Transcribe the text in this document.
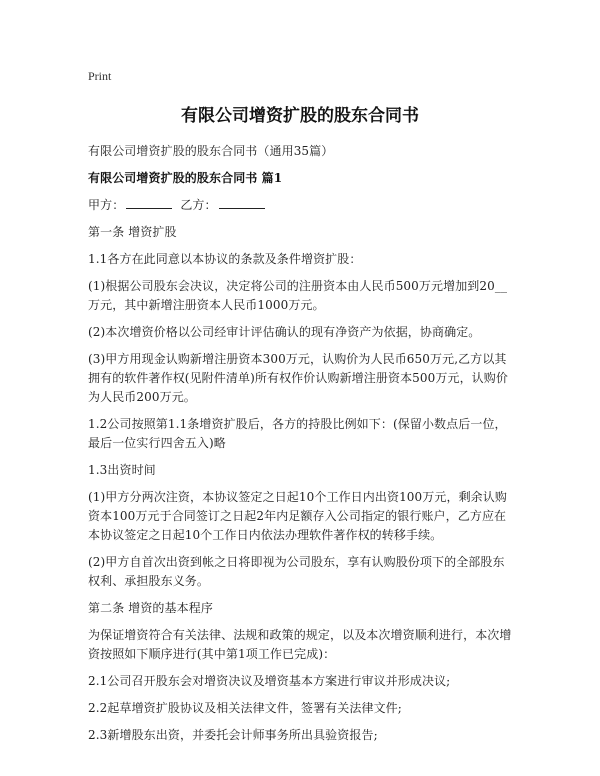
Print
有限公司增资扩股的股东合同书
有限公司增资扩股的股东合同书（通用35篇）
有限公司增资扩股的股东合同书 篇1
甲方：	乙方：
第一条 增资扩股
1.1各方在此同意以本协议的条款及条件增资扩股：
(1)根据公司股东会决议，决定将公司的注册资本由人民币500万元增加到20__万元，其中新增注册资本人民币1000万元。
(2)本次增资价格以公司经审计评估确认的现有净资产为依据，协商确定。
(3)甲方用现金认购新增注册资本300万元，认购价为人民币650万元,乙方以其拥有的软件著作权(见附件清单)所有权作价认购新增注册资本500万元，认购价为人民币200万元。
1.2公司按照第1.1条增资扩股后，各方的持股比例如下：(保留小数点后一位，最后一位实行四舍五入)略
1.3出资时间
(1)甲方分两次注资，本协议签定之日起10个工作日内出资100万元，剩余认购资本100万元于合同签订之日起2年内足额存入公司指定的银行账户，乙方应在本协议签定之日起10个工作日内依法办理软件著作权的转移手续。
(2)甲方自首次出资到帐之日将即视为公司股东，享有认购股份项下的全部股东权利、承担股东义务。
第二条 增资的基本程序
为保证增资符合有关法律、法规和政策的规定，以及本次增资顺利进行，本次增资按照如下顺序进行(其中第1项工作已完成)：
2.1公司召开股东会对增资决议及增资基本方案进行审议并形成决议;
2.2起草增资扩股协议及相关法律文件，签署有关法律文件;
2.3新增股东出资，并委托会计师事务所出具验资报告;
